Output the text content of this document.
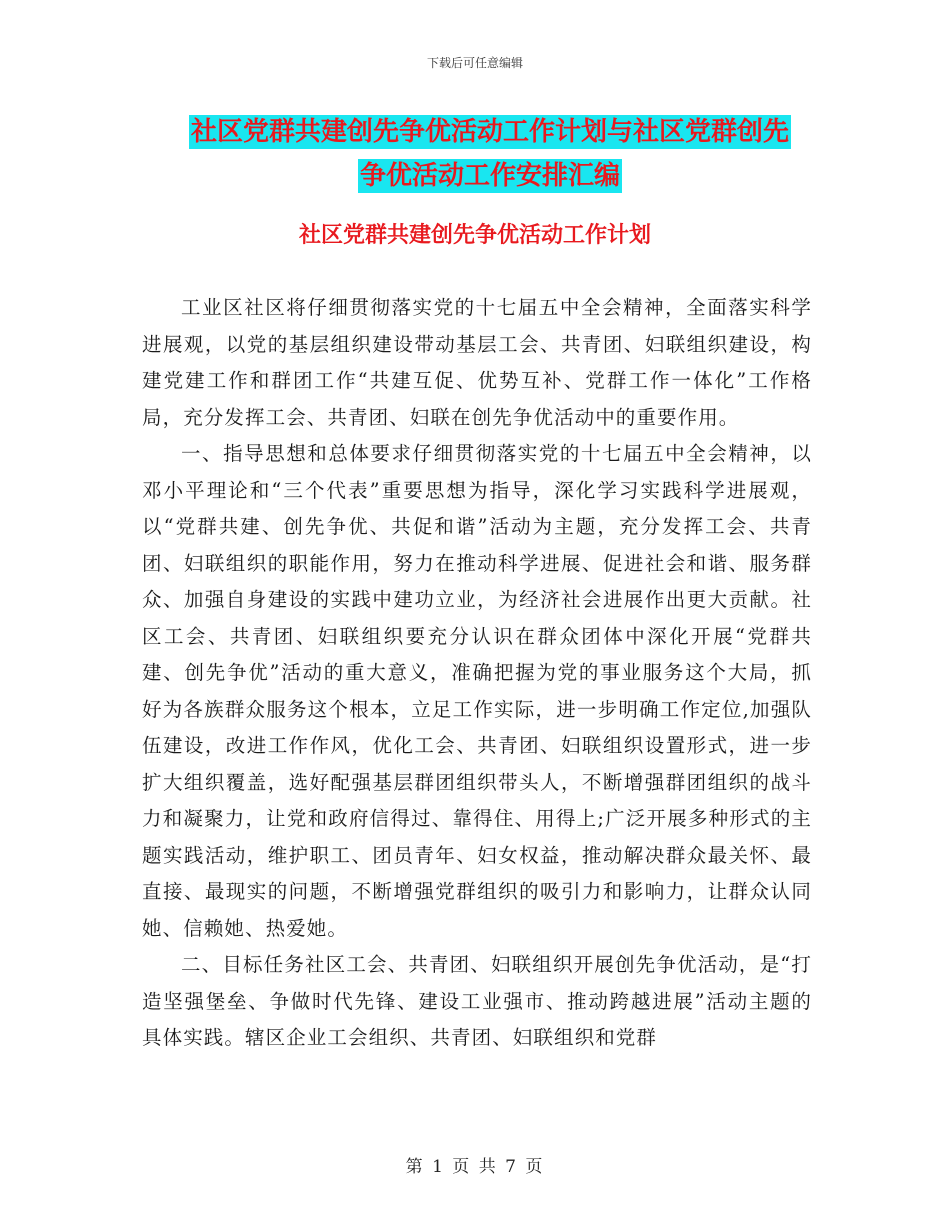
下载后可任意编辑
社区党群共建创先争优活动工作计划与社区党群创先
争优活动工作安排汇编
社区党群共建创先争优活动工作计划

工业区社区将仔细贯彻落实党的十七届五中全会精神，全面落实科学进展观，以党的基层组织建设带动基层工会、共青团、妇联组织建设，构建党建工作和群团工作“共建互促、优势互补、党群工作一体化”工作格局，充分发挥工会、共青团、妇联在创先争优活动中的重要作用。

一、指导思想和总体要求仔细贯彻落实党的十七届五中全会精神，以邓小平理论和“三个代表”重要思想为指导，深化学习实践科学进展观，以“党群共建、创先争优、共促和谐”活动为主题，充分发挥工会、共青团、妇联组织的职能作用，努力在推动科学进展、促进社会和谐、服务群众、加强自身建设的实践中建功立业，为经济社会进展作出更大贡献。社区工会、共青团、妇联组织要充分认识在群众团体中深化开展“党群共建、创先争优”活动的重大意义，准确把握为党的事业服务这个大局，抓好为各族群众服务这个根本，立足工作实际，进一步明确工作定位,加强队伍建设，改进工作作风，优化工会、共青团、妇联组织设置形式，进一步扩大组织覆盖，选好配强基层群团组织带头人，不断增强群团组织的战斗力和凝聚力，让党和政府信得过、靠得住、用得上;广泛开展多种形式的主题实践活动，维护职工、团员青年、妇女权益，推动解决群众最关怀、最直接、最现实的问题，不断增强党群组织的吸引力和影响力，让群众认同她、信赖她、热爱她。

二、目标任务社区工会、共青团、妇联组织开展创先争优活动，是“打造坚强堡垒、争做时代先锋、建设工业强市、推动跨越进展”活动主题的具体实践。辖区企业工会组织、共青团、妇联组织和党群

第 1 页 共 7 页
